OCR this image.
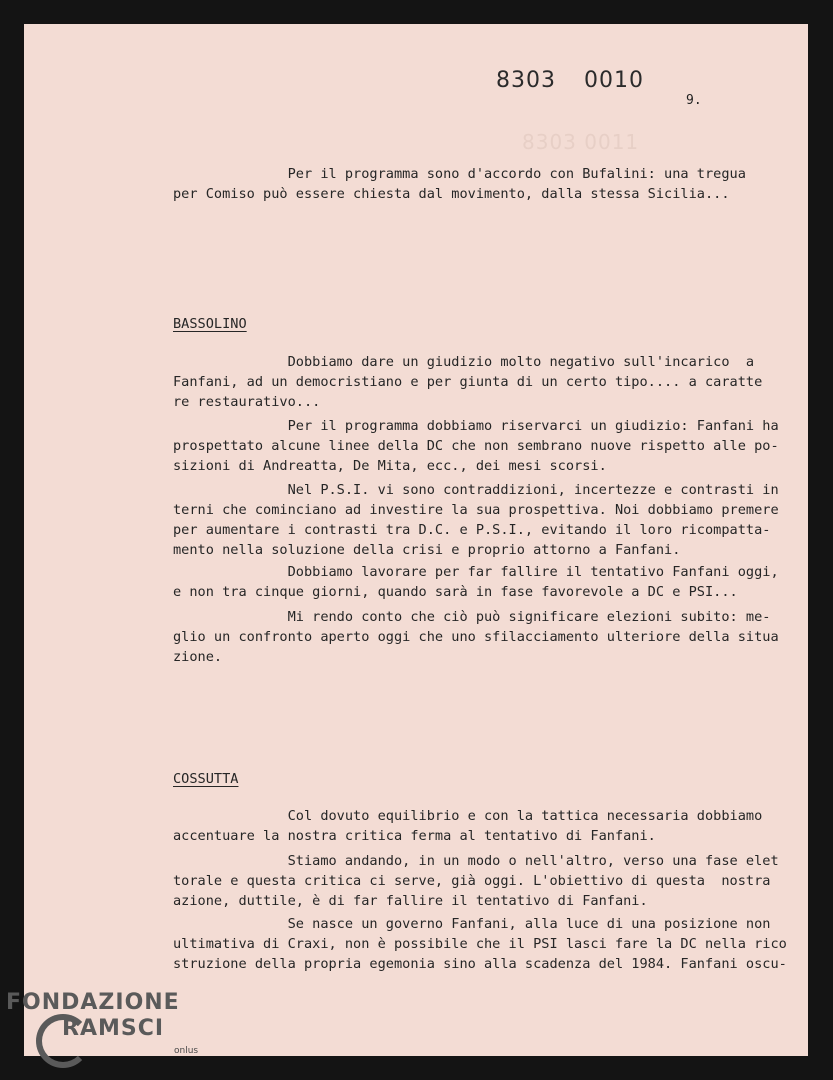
8303 0010
9.
8303 0011
Per il programma sono d'accordo con Bufalini: una tregua
per Comiso può essere chiesta dal movimento, dalla stessa Sicilia...
BASSOLINO
Dobbiamo dare un giudizio molto negativo sull'incarico  a
Fanfani, ad un democristiano e per giunta di un certo tipo.... a caratte
re restaurativo...
Per il programma dobbiamo riservarci un giudizio: Fanfani ha
prospettato alcune linee della DC che non sembrano nuove rispetto alle po-
sizioni di Andreatta, De Mita, ecc., dei mesi scorsi.
Nel P.S.I. vi sono contraddizioni, incertezze e contrasti in
terni che cominciano ad investire la sua prospettiva. Noi dobbiamo premere
per aumentare i contrasti tra D.C. e P.S.I., evitando il loro ricompatta-
mento nella soluzione della crisi e proprio attorno a Fanfani.
Dobbiamo lavorare per far fallire il tentativo Fanfani oggi,
e non tra cinque giorni, quando sarà in fase favorevole a DC e PSI...
Mi rendo conto che ciò può significare elezioni subito: me-
glio un confronto aperto oggi che uno sfilacciamento ulteriore della situa
zione.
COSSUTTA
Col dovuto equilibrio e con la tattica necessaria dobbiamo
accentuare la nostra critica ferma al tentativo di Fanfani.
Stiamo andando, in un modo o nell'altro, verso una fase elet
torale e questa critica ci serve, già oggi. L'obiettivo di questa  nostra
azione, duttile, è di far fallire il tentativo di Fanfani.
Se nasce un governo Fanfani, alla luce di una posizione non
ultimativa di Craxi, non è possibile che il PSI lasci fare la DC nella rico
struzione della propria egemonia sino alla scadenza del 1984. Fanfani oscu-
FONDAZIONE
RAMSCI
onlus
